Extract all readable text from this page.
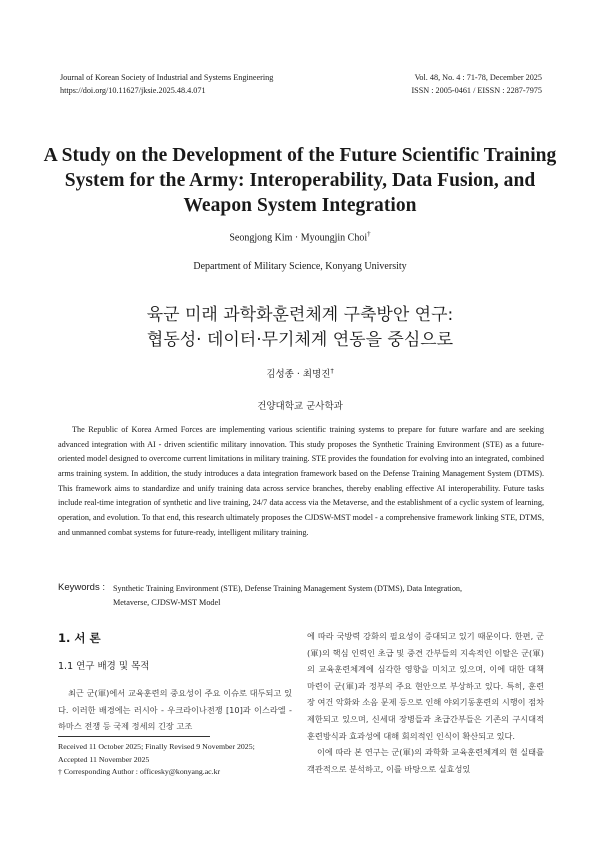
Journal of Korean Society of Industrial and Systems Engineering
https://doi.org/10.11627/jksie.2025.48.4.071
Vol. 48, No. 4 : 71-78, December 2025
ISSN : 2005-0461 / EISSN : 2287-7975
A Study on the Development of the Future Scientific Training
System for the Army: Interoperability, Data Fusion, and
Weapon System Integration
Seongjong Kim · Myoungjin Choi†
Department of Military Science, Konyang University
육군 미래 과학화훈련체계 구축방안 연구:
협동성· 데이터·무기체계 연동을 중심으로
김성종 · 최명진†
건양대학교 군사학과

The Republic of Korea Armed Forces are implementing various scientific training systems to prepare for future warfare and are seeking advanced integration with AI - driven scientific military innovation. This study proposes the Synthetic Training Environment (STE) as a future-oriented model designed to overcome current limitations in military training. STE provides the foundation for evolving into an integrated, combined arms training system. In addition, the study introduces a data integration framework based on the Defense Training Management System (DTMS). This framework aims to standardize and unify training data across service branches, thereby enabling effective AI interoperability. Future tasks include real-time integration of synthetic and live training, 24/7 data access via the Metaverse, and the establishment of a cyclic system of learning, operation, and evolution. To that end, this research ultimately proposes the CJDSW-MST model - a comprehensive framework linking STE, DTMS, and unmanned combat systems for future-ready, intelligent military training.

Keywords : Synthetic Training Environment (STE), Defense Training Management System (DTMS), Data Integration,
Metaverse, CJDSW-MST Model
1. 서 론
1.1 연구 배경 및 목적

최근 군(軍)에서 교육훈련의 중요성이 주요 이슈로 대두되고 있다. 이러한 배경에는 러시아 - 우크라이나전쟁 [10]과 이스라엘 - 하마스 전쟁 등 국제 정세의 긴장 고조

Received 11 October 2025; Finally Revised 9 November 2025;
Accepted 11 November 2025
† Corresponding Author : officesky@konyang.ac.kr

에 따라 국방력 강화의 필요성이 증대되고 있기 때문이다. 한편, 군(軍)의 핵심 인력인 초급 및 중견 간부들의 지속적인 이탈은 군(軍)의 교육훈련체계에 심각한 영향을 미치고 있으며, 이에 대한 대책 마련이 군(軍)과 정부의 주요 현안으로 부상하고 있다. 특히, 훈련장 여건 악화와 소음 문제 등으로 인해 야외기동훈련의 시행이 점차 제한되고 있으며, 신세대 장병들과 초급간부들은 기존의 구시대적 훈련방식과 효과성에 대해 회의적인 인식이 확산되고 있다.

이에 따라 본 연구는 군(軍)의 과학화 교육훈련체계의 현 실태를 객관적으로 분석하고, 이를 바탕으로 실효성있
